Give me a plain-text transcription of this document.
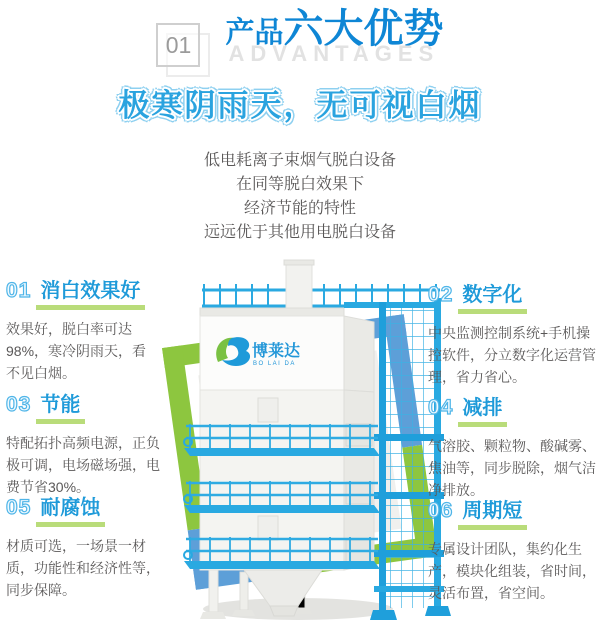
01	产品六大优势
ADVANTAGES
极寒阴雨天，无可视白烟
低电耗离子束烟气脱白设备
在同等脱白效果下
经济节能的特性
远远优于其他用电脱白设备
博莱达
BO LAI DA
01 消白效果好
效果好，脱白率可达98%，寒冷阴雨天，看不见白烟。
03 节能
特配拓扑高频电源，正负极可调，电场磁场强，电费节省30%。
05 耐腐蚀
材质可选，一场景一材质，功能性和经济性等，同步保障。
02 数字化
中央监测控制系统+手机操控软件，分立数字化运营管理，省力省心。
04 减排
气溶胶、颗粒物、酸碱雾、焦油等，同步脱除，烟气洁净排放。
06 周期短
专属设计团队，集约化生产，模块化组装，省时间，灵活布置，省空间。
